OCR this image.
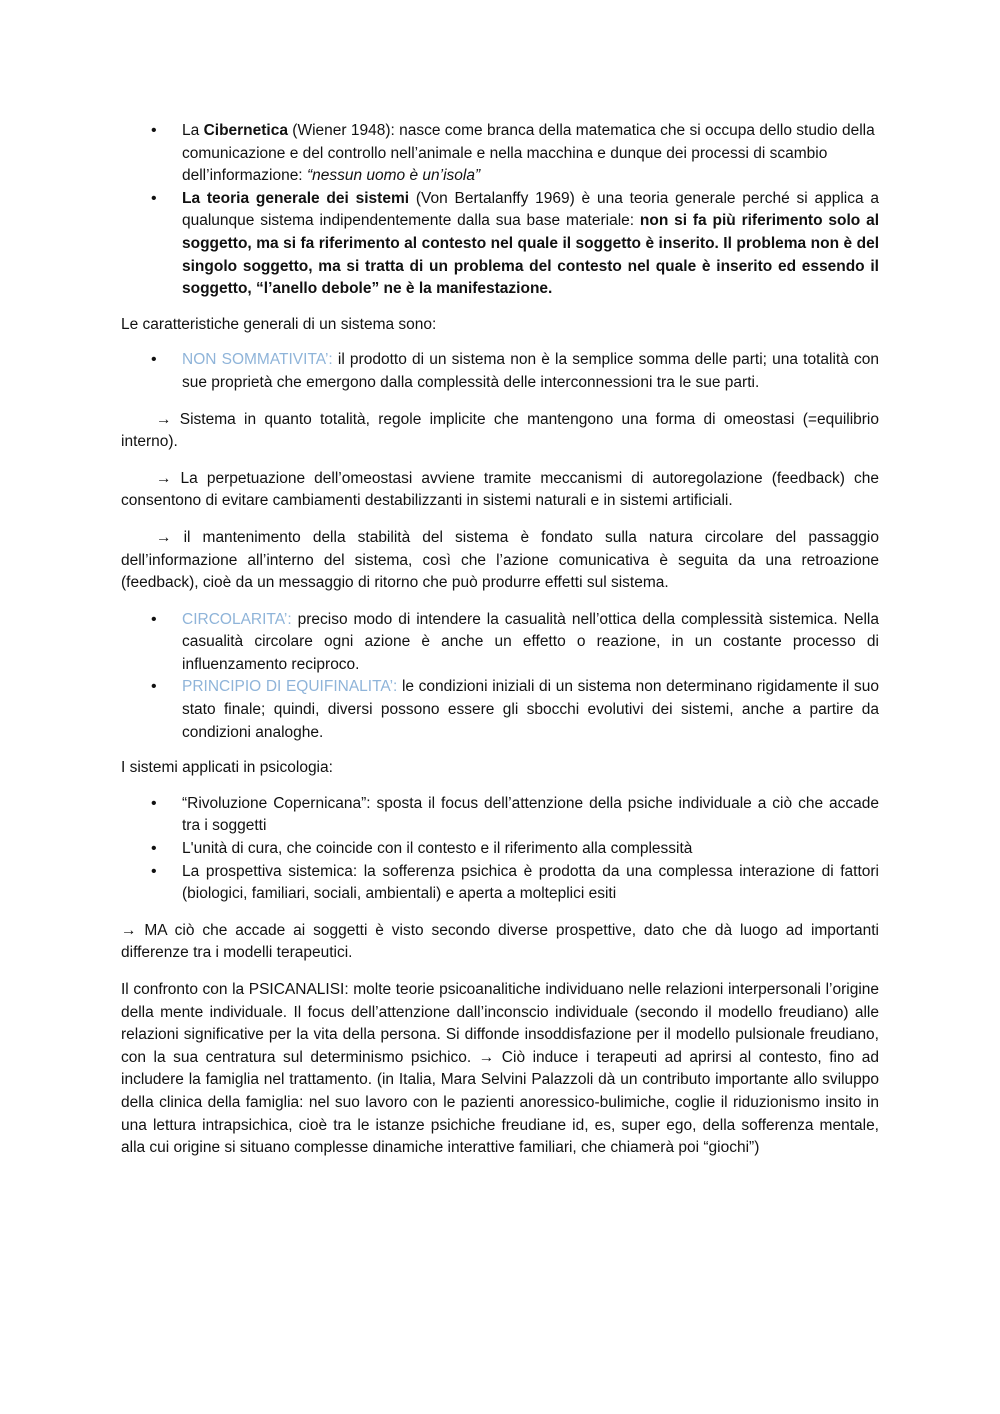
• La Cibernetica (Wiener 1948): nasce come branca della matematica che si occupa dello studio della comunicazione e del controllo nell’animale e nella macchina e dunque dei processi di scambio dell’informazione: “nessun uomo è un’isola”
• La teoria generale dei sistemi (Von Bertalanffy 1969) è una teoria generale perché si applica a qualunque sistema indipendentemente dalla sua base materiale: non si fa più riferimento solo al soggetto, ma si fa riferimento al contesto nel quale il soggetto è inserito. Il problema non è del singolo soggetto, ma si tratta di un problema del contesto nel quale è inserito ed essendo il soggetto, “l’anello debole” ne è la manifestazione.

Le caratteristiche generali di un sistema sono:

• NON SOMMATIVITA’: il prodotto di un sistema non è la semplice somma delle parti; una totalità con sue proprietà che emergono dalla complessità delle interconnessioni tra le sue parti.

→ Sistema in quanto totalità, regole implicite che mantengono una forma di omeostasi (=equilibrio interno).

→ La perpetuazione dell’omeostasi avviene tramite meccanismi di autoregolazione (feedback) che consentono di evitare cambiamenti destabilizzanti in sistemi naturali e in sistemi artificiali.

→ il mantenimento della stabilità del sistema è fondato sulla natura circolare del passaggio dell’informazione all’interno del sistema, così che l’azione comunicativa è seguita da una retroazione (feedback), cioè da un messaggio di ritorno che può produrre effetti sul sistema.

• CIRCOLARITA’: preciso modo di intendere la casualità nell’ottica della complessità sistemica. Nella casualità circolare ogni azione è anche un effetto o reazione, in un costante processo di influenzamento reciproco.
• PRINCIPIO DI EQUIFINALITA’: le condizioni iniziali di un sistema non determinano rigidamente il suo stato finale; quindi, diversi possono essere gli sbocchi evolutivi dei sistemi, anche a partire da condizioni analoghe.

I sistemi applicati in psicologia:

• “Rivoluzione Copernicana”: sposta il focus dell’attenzione della psiche individuale a ciò che accade tra i soggetti
• L'unità di cura, che coincide con il contesto e il riferimento alla complessità
• La prospettiva sistemica: la sofferenza psichica è prodotta da una complessa interazione di fattori (biologici, familiari, sociali, ambientali) e aperta a molteplici esiti

→ MA ciò che accade ai soggetti è visto secondo diverse prospettive, dato che dà luogo ad importanti differenze tra i modelli terapeutici.

Il confronto con la PSICANALISI: molte teorie psicoanalitiche individuano nelle relazioni interpersonali l’origine della mente individuale. Il focus dell’attenzione dall’inconscio individuale (secondo il modello freudiano) alle relazioni significative per la vita della persona. Si diffonde insoddisfazione per il modello pulsionale freudiano, con la sua centratura sul determinismo psichico. → Ciò induce i terapeuti ad aprirsi al contesto, fino ad includere la famiglia nel trattamento. (in Italia, Mara Selvini Palazzoli dà un contributo importante allo sviluppo della clinica della famiglia: nel suo lavoro con le pazienti anoressico-bulimiche, coglie il riduzionismo insito in una lettura intrapsichica, cioè tra le istanze psichiche freudiane id, es, super ego, della sofferenza mentale, alla cui origine si situano complesse dinamiche interattive familiari, che chiamerà poi “giochi”)
